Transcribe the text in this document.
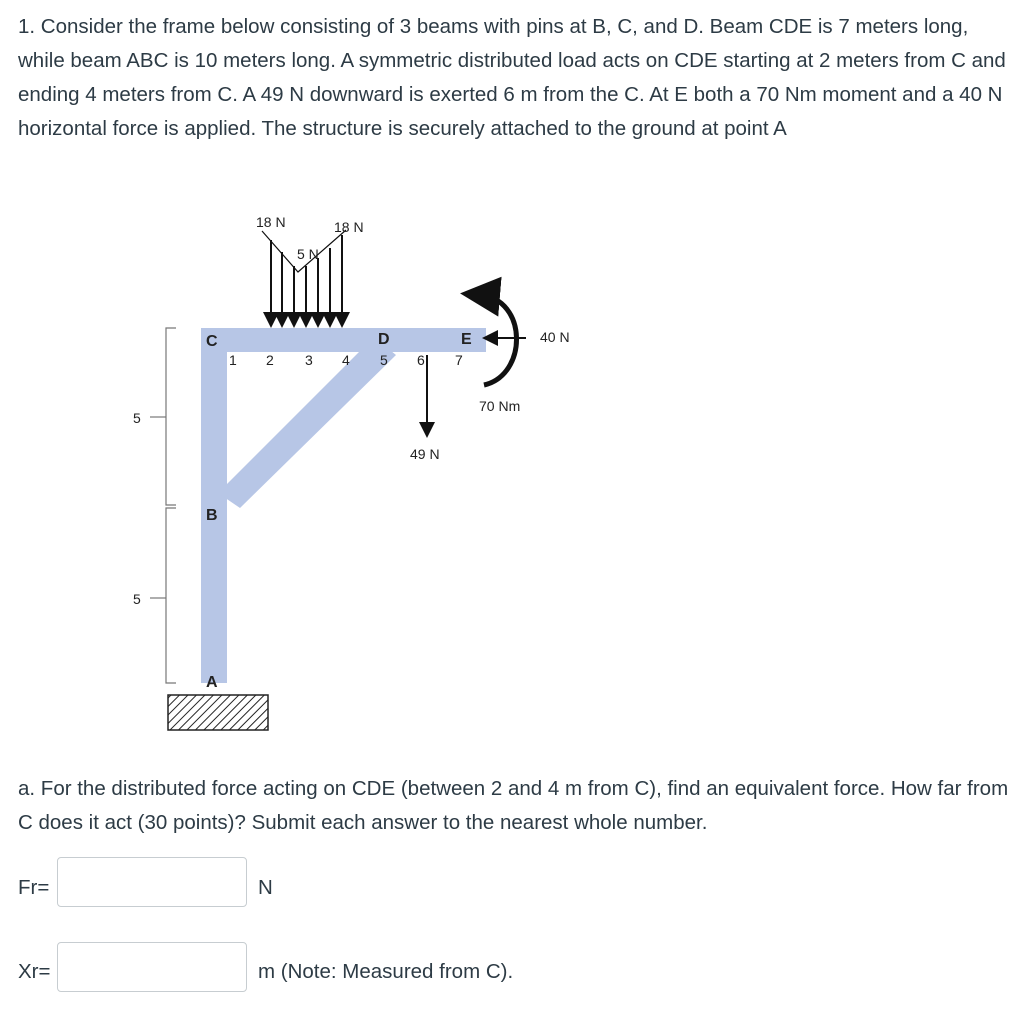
1. Consider the frame below consisting of 3 beams with pins at B, C, and D. Beam CDE is 7 meters long, while beam ABC is 10 meters long. A symmetric distributed load acts on CDE starting at 2 meters from C and ending 4 meters from C. A 49 N downward is exerted 6 m from the C. At E both a 70 Nm moment and a 40 N horizontal force is applied. The structure is securely attached to the ground at point A

5
5
C	D	E
B
A
1 2 3 4 5 6 7
18 N
5 N
18 N
49 N
40 N
70 Nm

a. For the distributed force acting on CDE (between 2 and 4 m from C), find an equivalent force. How far from C does it act (30 points)? Submit each answer to the nearest whole number.

Fr=	N
Xr=	m (Note: Measured from C).
